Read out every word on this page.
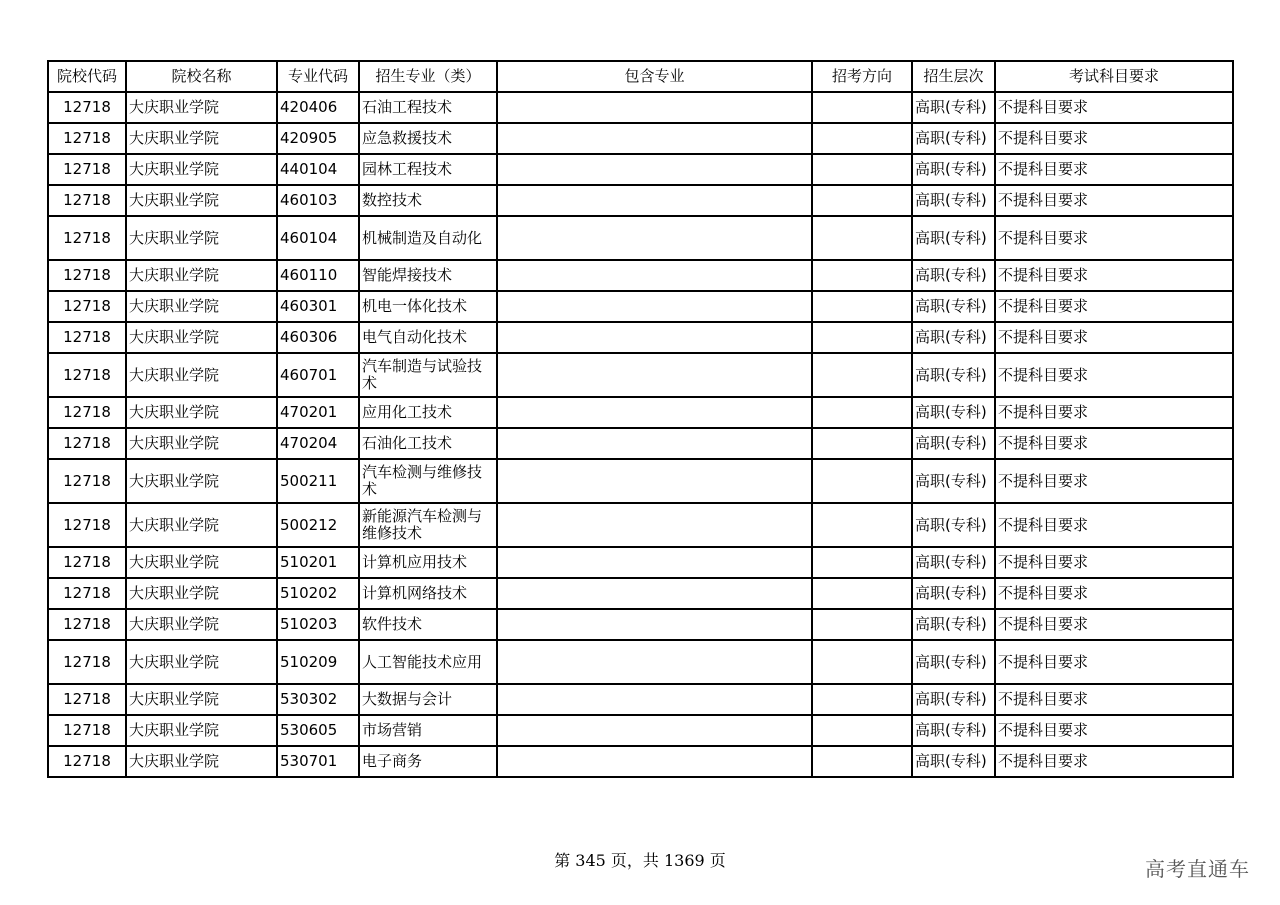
院校代码	院校名称	专业代码	招生专业（类）	包含专业	招考方向	招生层次	考试科目要求
12718	大庆职业学院	420406	石油工程技术			高职(专科)	不提科目要求
12718	大庆职业学院	420905	应急救援技术			高职(专科)	不提科目要求
12718	大庆职业学院	440104	园林工程技术			高职(专科)	不提科目要求
12718	大庆职业学院	460103	数控技术			高职(专科)	不提科目要求
12718	大庆职业学院	460104	机械制造及自动化			高职(专科)	不提科目要求
12718	大庆职业学院	460110	智能焊接技术			高职(专科)	不提科目要求
12718	大庆职业学院	460301	机电一体化技术			高职(专科)	不提科目要求
12718	大庆职业学院	460306	电气自动化技术			高职(专科)	不提科目要求
12718	大庆职业学院	460701	汽车制造与试验技术			高职(专科)	不提科目要求
12718	大庆职业学院	470201	应用化工技术			高职(专科)	不提科目要求
12718	大庆职业学院	470204	石油化工技术			高职(专科)	不提科目要求
12718	大庆职业学院	500211	汽车检测与维修技术			高职(专科)	不提科目要求
12718	大庆职业学院	500212	新能源汽车检测与维修技术			高职(专科)	不提科目要求
12718	大庆职业学院	510201	计算机应用技术			高职(专科)	不提科目要求
12718	大庆职业学院	510202	计算机网络技术			高职(专科)	不提科目要求
12718	大庆职业学院	510203	软件技术			高职(专科)	不提科目要求
12718	大庆职业学院	510209	人工智能技术应用			高职(专科)	不提科目要求
12718	大庆职业学院	530302	大数据与会计			高职(专科)	不提科目要求
12718	大庆职业学院	530605	市场营销			高职(专科)	不提科目要求
12718	大庆职业学院	530701	电子商务			高职(专科)	不提科目要求
第 345 页，共 1369 页	高考直通车
